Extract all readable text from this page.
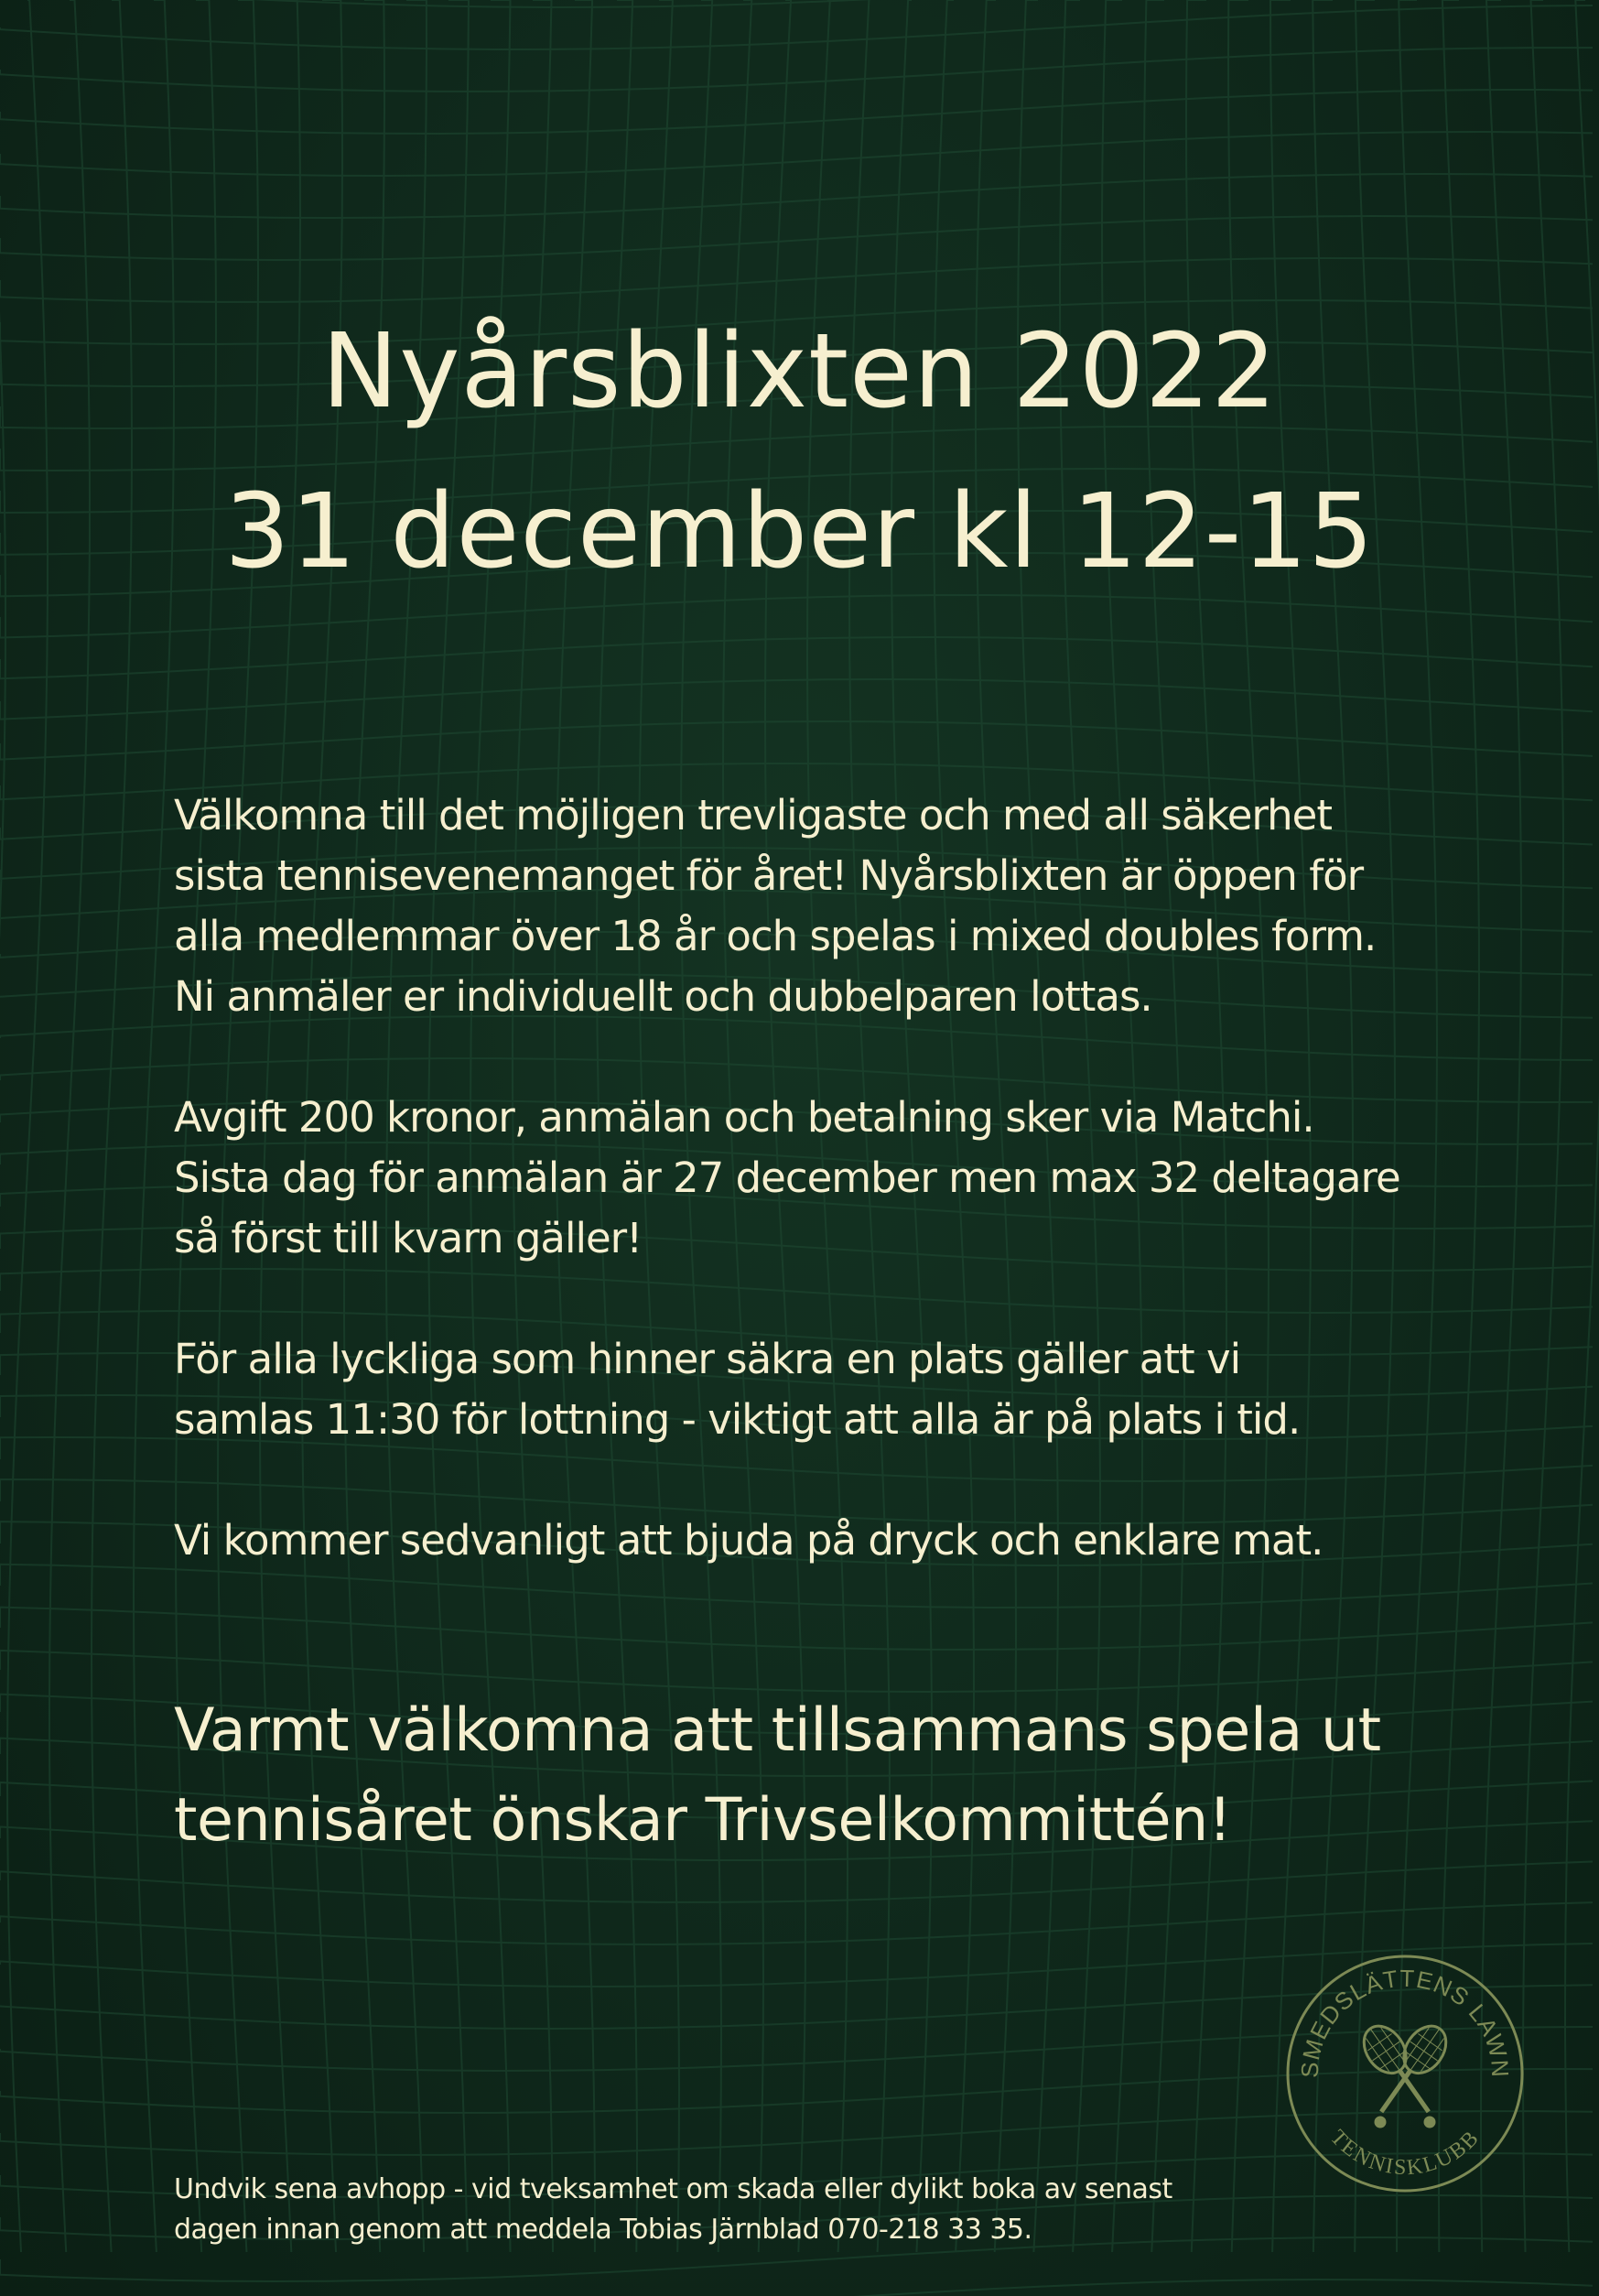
Nyårsblixten 2022
31 december kl 12-15

Välkomna till det möjligen trevligaste och med all säkerhet
sista tennisevenemanget för året! Nyårsblixten är öppen för
alla medlemmar över 18 år och spelas i mixed doubles form.
Ni anmäler er individuellt och dubbelparen lottas.

Avgift 200 kronor, anmälan och betalning sker via Matchi.
Sista dag för anmälan är 27 december men max 32 deltagare
så först till kvarn gäller!

För alla lyckliga som hinner säkra en plats gäller att vi
samlas 11:30 för lottning - viktigt att alla är på plats i tid.

Vi kommer sedvanligt att bjuda på dryck och enklare mat.

Varmt välkomna att tillsammans spela ut
tennisåret önskar Trivselkommittén!
Undvik sena avhopp - vid tveksamhet om skada eller dylikt boka av senast
dagen innan genom att meddela Tobias Järnblad 070-218 33 35.
SMEDSLÄTTENS LAWN
TENNISKLUBB
